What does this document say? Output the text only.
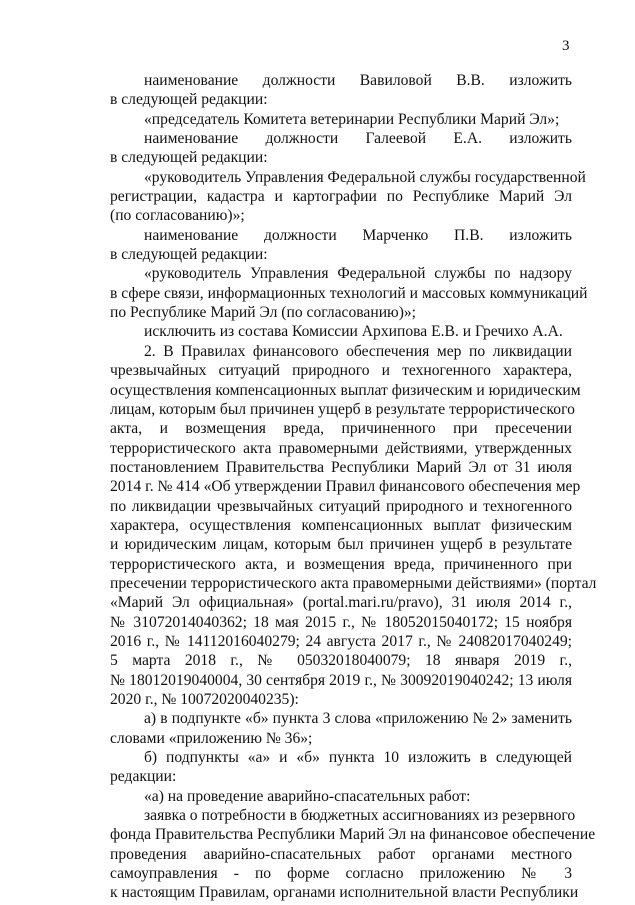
3
наименование должности Вавиловой В.В. изложить
в следующей редакции:
«председатель Комитета ветеринарии Республики Марий Эл»;
наименование должности Галеевой Е.А. изложить
в следующей редакции:
«руководитель Управления Федеральной службы государственной
регистрации, кадастра и картографии по Республике Марий Эл
(по согласованию)»;
наименование должности Марченко П.В. изложить
в следующей редакции:
«руководитель Управления Федеральной службы по надзору
в сфере связи, информационных технологий и массовых коммуникаций
по Республике Марий Эл (по согласованию)»;
исключить из состава Комиссии Архипова Е.В. и Гречихо А.А.
2. В Правилах финансового обеспечения мер по ликвидации
чрезвычайных ситуаций природного и техногенного характера,
осуществления компенсационных выплат физическим и юридическим
лицам, которым был причинен ущерб в результате террористического
акта, и возмещения вреда, причиненного при пресечении
террористического акта правомерными действиями, утвержденных
постановлением Правительства Республики Марий Эл от 31 июля
2014 г. № 414 «Об утверждении Правил финансового обеспечения мер
по ликвидации чрезвычайных ситуаций природного и техногенного
характера, осуществления компенсационных выплат физическим
и юридическим лицам, которым был причинен ущерб в результате
террористического акта, и возмещения вреда, причиненного при
пресечении террористического акта правомерными действиями» (портал
«Марий Эл официальная» (portal.mari.ru/pravo), 31 июля 2014 г.,
№ 31072014040362; 18 мая 2015 г., № 18052015040172; 15 ноября
2016 г., № 14112016040279; 24 августа 2017 г., № 24082017040249;
5 марта 2018 г., № 05032018040079; 18 января 2019 г.,
№ 18012019040004, 30 сентября 2019 г., № 30092019040242; 13 июля
2020 г., № 10072020040235):
а) в подпункте «б» пункта 3 слова «приложению № 2» заменить
словами «приложению № 36»;
б) подпункты «а» и «б» пункта 10 изложить в следующей
редакции:
«а) на проведение аварийно-спасательных работ:
заявка о потребности в бюджетных ассигнованиях из резервного
фонда Правительства Республики Марий Эл на финансовое обеспечение
проведения аварийно-спасательных работ органами местного
самоуправления - по форме согласно приложению № 3
к настоящим Правилам, органами исполнительной власти Республики
